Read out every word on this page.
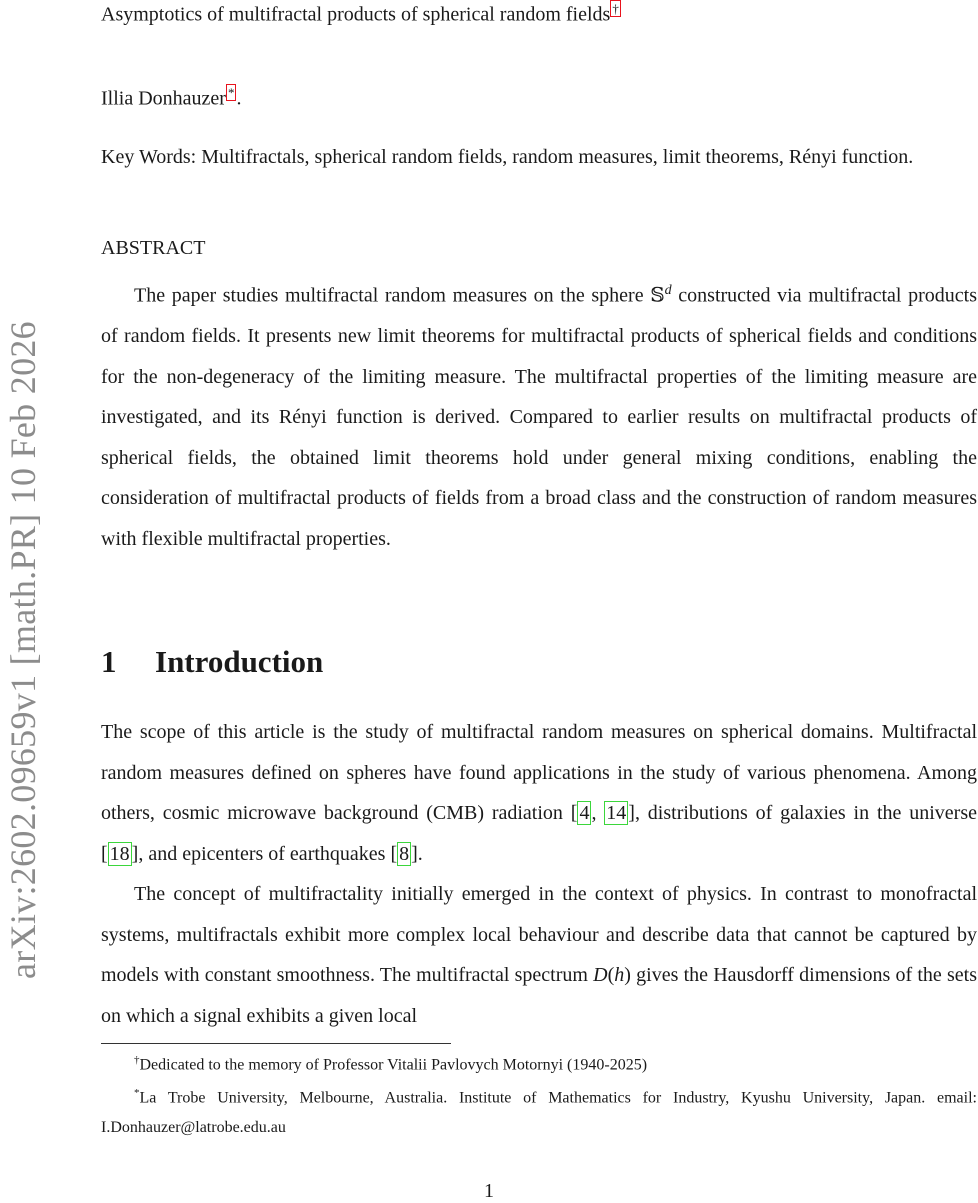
arXiv:2602.09659v1 [math.PR] 10 Feb 2026
Asymptotics of multifractal products of spherical random fields †
Illia Donhauzer * .
Key Words: Multifractals, spherical random fields, random measures, limit theorems, Rényi function.
ABSTRACT

The paper studies multifractal random measures on the sphere 𝕊$^d$ constructed via multifractal products of random fields. It presents new limit theorems for multifractal products of spherical fields and conditions for the non-degeneracy of the limiting measure. The multifractal properties of the limiting measure are investigated, and its Rényi function is derived. Compared to earlier results on multifractal products of spherical fields, the obtained limit theorems hold under general mixing conditions, enabling the consideration of multifractal products of fields from a broad class and the construction of random measures with flexible multifractal properties.

1 Introduction

The scope of this article is the study of multifractal random measures on spherical domains. Multifractal random measures defined on spheres have found applications in the study of various phenomena. Among others, cosmic microwave background (CMB) radiation [ 4 , 14 ], distributions of galaxies in the universe [ 18 ], and epicenters of earthquakes [ 8 ].

The concept of multifractality initially emerged in the context of physics. In contrast to monofractal systems, multifractals exhibit more complex local behaviour and describe data that cannot be captured by models with constant smoothness. The multifractal spectrum D(h) gives the Hausdorff dimensions of the sets on which a signal exhibits a given local

†Dedicated to the memory of Professor Vitalii Pavlovych Motornyi (1940-2025)

*La Trobe University, Melbourne, Australia. Institute of Mathematics for Industry, Kyushu University, Japan. email: I.Donhauzer@latrobe.edu.au

1
